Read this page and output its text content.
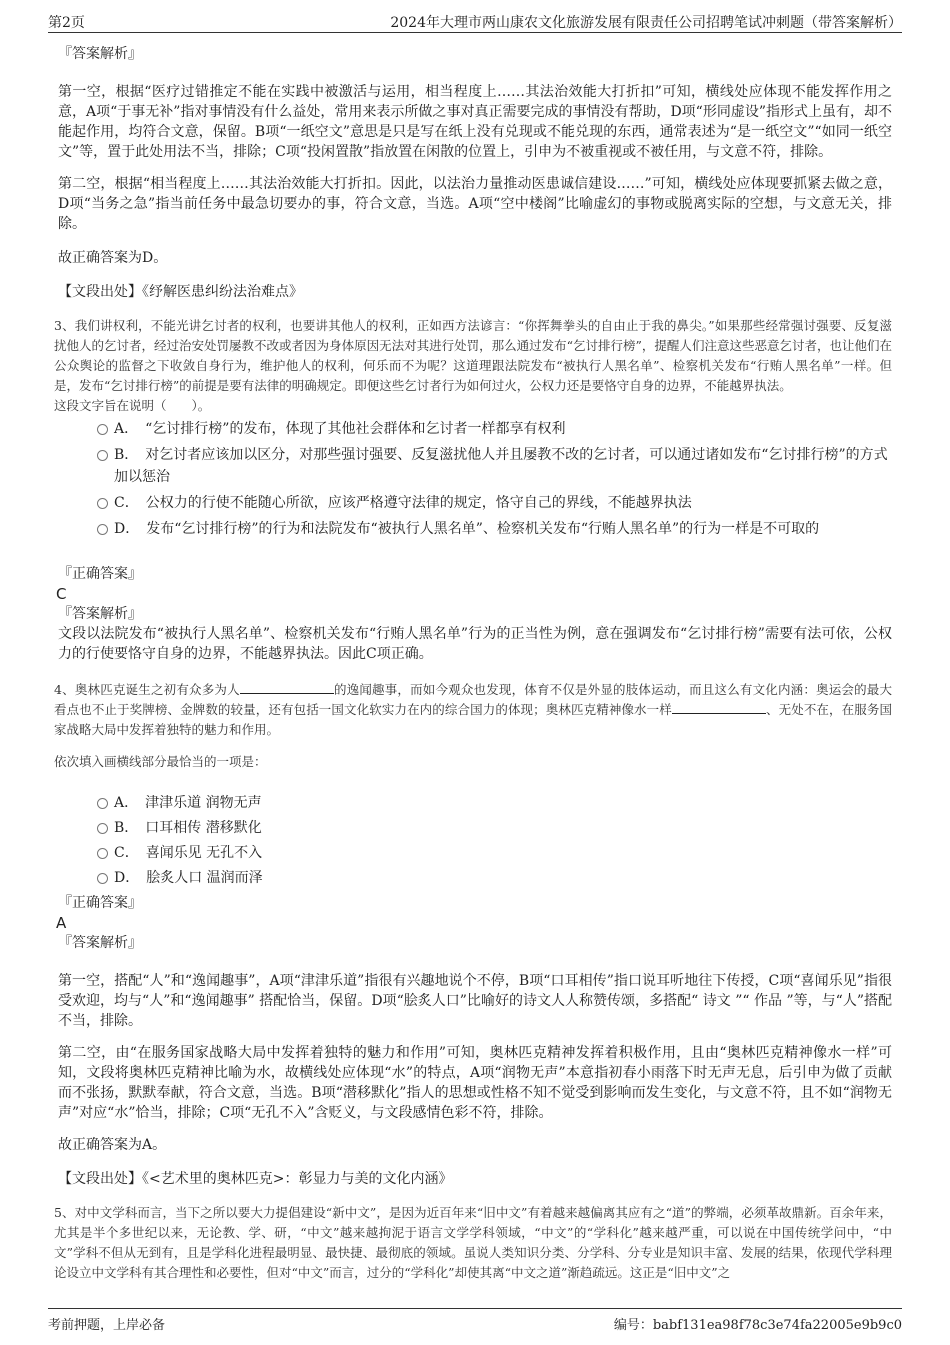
第2页	2024年大理市两山康农文化旅游发展有限责任公司招聘笔试冲刺题（带答案解析）

『答案解析』

第一空，根据“医疗过错推定不能在实践中被激活与运用，相当程度上……其法治效能大打折扣”可知，横线处应体现不能发挥作用之意，A项“于事无补”指对事情没有什么益处，常用来表示所做之事对真正需要完成的事情没有帮助，D项“形同虚设”指形式上虽有，却不能起作用，均符合文意，保留。B项“一纸空文”意思是只是写在纸上没有兑现或不能兑现的东西，通常表述为“是一纸空文”“如同一纸空文”等，置于此处用法不当，排除；C项“投闲置散”指放置在闲散的位置上，引申为不被重视或不被任用，与文意不符，排除。

第二空，根据“相当程度上……其法治效能大打折扣。因此，以法治力量推动医患诚信建设……”可知，横线处应体现要抓紧去做之意，D项“当务之急”指当前任务中最急切要办的事，符合文意，当选。A项“空中楼阁”比喻虚幻的事物或脱离实际的空想，与文意无关，排除。

故正确答案为D。

【文段出处】《纾解医患纠纷法治难点》

3、我们讲权利，不能光讲乞讨者的权利，也要讲其他人的权利，正如西方法谚言：“你挥舞拳头的自由止于我的鼻尖。”如果那些经常强讨强要、反复滋扰他人的乞讨者，经过治安处罚屡教不改或者因为身体原因无法对其进行处罚，那么通过发布“乞讨排行榜”，提醒人们注意这些恶意乞讨者，也让他们在公众舆论的监督之下收敛自身行为，维护他人的权利，何乐而不为呢？这道理跟法院发布“被执行人黑名单”、检察机关发布“行贿人黑名单”一样。但是，发布“乞讨排行榜”的前提是要有法律的明确规定。即便这些乞讨者行为如何过火，公权力还是要恪守自身的边界，不能越界执法。

这段文字旨在说明（　　）。

A．　 “乞讨排行榜”的发布，体现了其他社会群体和乞讨者一样都享有权利
B．　 对乞讨者应该加以区分，对那些强讨强要、反复滋扰他人并且屡教不改的乞讨者，可以通过诸如发布“乞讨排行榜”的方式加以惩治
C．　 公权力的行使不能随心所欲，应该严格遵守法律的规定，恪守自己的界线，不能越界执法
D．　 发布“乞讨排行榜”的行为和法院发布“被执行人黑名单”、检察机关发布“行贿人黑名单”的行为一样是不可取的

『正确答案』

C

『答案解析』

文段以法院发布“被执行人黑名单”、检察机关发布“行贿人黑名单”行为的正当性为例，意在强调发布“乞讨排行榜”需要有法可依，公权力的行使要恪守自身的边界，不能越界执法。因此C项正确。

4、奥林匹克诞生之初有众多为人	的逸闻趣事，而如今观众也发现，体育不仅是外显的肢体运动，而且这么有文化内涵：奥运会的最大看点也不止于奖牌榜、金牌数的较量，还有包括一国文化软实力在内的综合国力的体现；奥林匹克精神像水一样	、无处不在，在服务国家战略大局中发挥着独特的魅力和作用。

依次填入画横线部分最恰当的一项是：

A．　 津津乐道 润物无声
B．　 口耳相传 潜移默化
C．　 喜闻乐见 无孔不入
D．　 脍炙人口 温润而泽

『正确答案』

A

『答案解析』

第一空，搭配“人”和“逸闻趣事”，A项“津津乐道”指很有兴趣地说个不停，B项“口耳相传”指口说耳听地往下传授，C项“喜闻乐见”指很受欢迎，均与“人”和“逸闻趣事” 搭配恰当，保留。D项“脍炙人口”比喻好的诗文人人称赞传颂，多搭配“ 诗文 ”“ 作品 ”等，与“人”搭配不当，排除。

第二空，由“在服务国家战略大局中发挥着独特的魅力和作用”可知，奥林匹克精神发挥着积极作用，且由“奥林匹克精神像水一样”可知，文段将奥林匹克精神比喻为水，故横线处应体现“水”的特点，A项“润物无声”本意指初春小雨落下时无声无息，后引申为做了贡献而不张扬，默默奉献，符合文意，当选。B项“潜移默化”指人的思想或性格不知不觉受到影响而发生变化，与文意不符，且不如“润物无声”对应“水”恰当，排除；C项“无孔不入”含贬义，与文段感情色彩不符，排除。

故正确答案为A。

【文段出处】《<艺术里的奥林匹克>：彰显力与美的文化内涵》

5、对中文学科而言，当下之所以要大力提倡建设“新中文”，是因为近百年来“旧中文”有着越来越偏离其应有之“道”的弊端，必须革故鼎新。百余年来，尤其是半个多世纪以来，无论教、学、研，“中文”越来越拘泥于语言文学学科领域，“中文”的“学科化”越来越严重，可以说在中国传统学问中，“中文”学科不但从无到有，且是学科化进程最明显、最快捷、最彻底的领域。虽说人类知识分类、分学科、分专业是知识丰富、发展的结果，依现代学科理论设立中文学科有其合理性和必要性，但对“中文”而言，过分的“学科化”却使其离“中文之道”渐趋疏远。这正是“旧中文”之

考前押题，上岸必备	编号：babf131ea98f78c3e74fa22005e9b9c0
